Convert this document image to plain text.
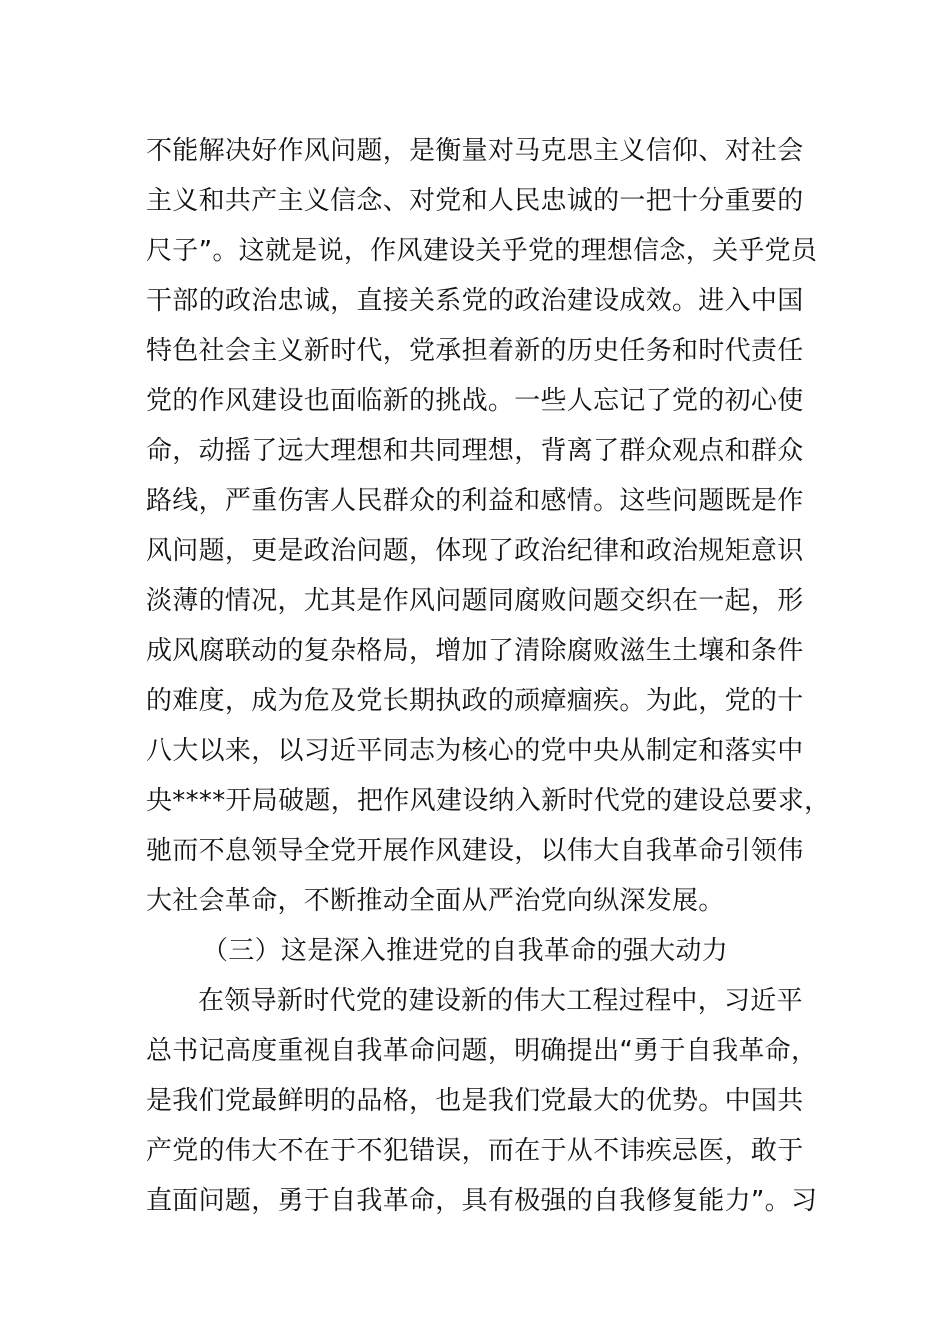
不能解决好作风问题，是衡量对马克思主义信仰、对社会
主义和共产主义信念、对党和人民忠诚的一把十分重要的
尺子”。这就是说，作风建设关乎党的理想信念，关乎党员
干部的政治忠诚，直接关系党的政治建设成效。进入中国
特色社会主义新时代，党承担着新的历史任务和时代责任
党的作风建设也面临新的挑战。一些人忘记了党的初心使
命，动摇了远大理想和共同理想，背离了群众观点和群众
路线，严重伤害人民群众的利益和感情。这些问题既是作
风问题，更是政治问题，体现了政治纪律和政治规矩意识
淡薄的情况，尤其是作风问题同腐败问题交织在一起，形
成风腐联动的复杂格局，增加了清除腐败滋生土壤和条件
的难度，成为危及党长期执政的顽瘴痼疾。为此，党的十
八大以来，以习近平同志为核心的党中央从制定和落实中
央****开局破题，把作风建设纳入新时代党的建设总要求，
驰而不息领导全党开展作风建设，以伟大自我革命引领伟
大社会革命，不断推动全面从严治党向纵深发展。
（三）这是深入推进党的自我革命的强大动力
在领导新时代党的建设新的伟大工程过程中，习近平
总书记高度重视自我革命问题，明确提出“勇于自我革命，
是我们党最鲜明的品格，也是我们党最大的优势。中国共
产党的伟大不在于不犯错误，而在于从不讳疾忌医，敢于
直面问题，勇于自我革命，具有极强的自我修复能力”。习
